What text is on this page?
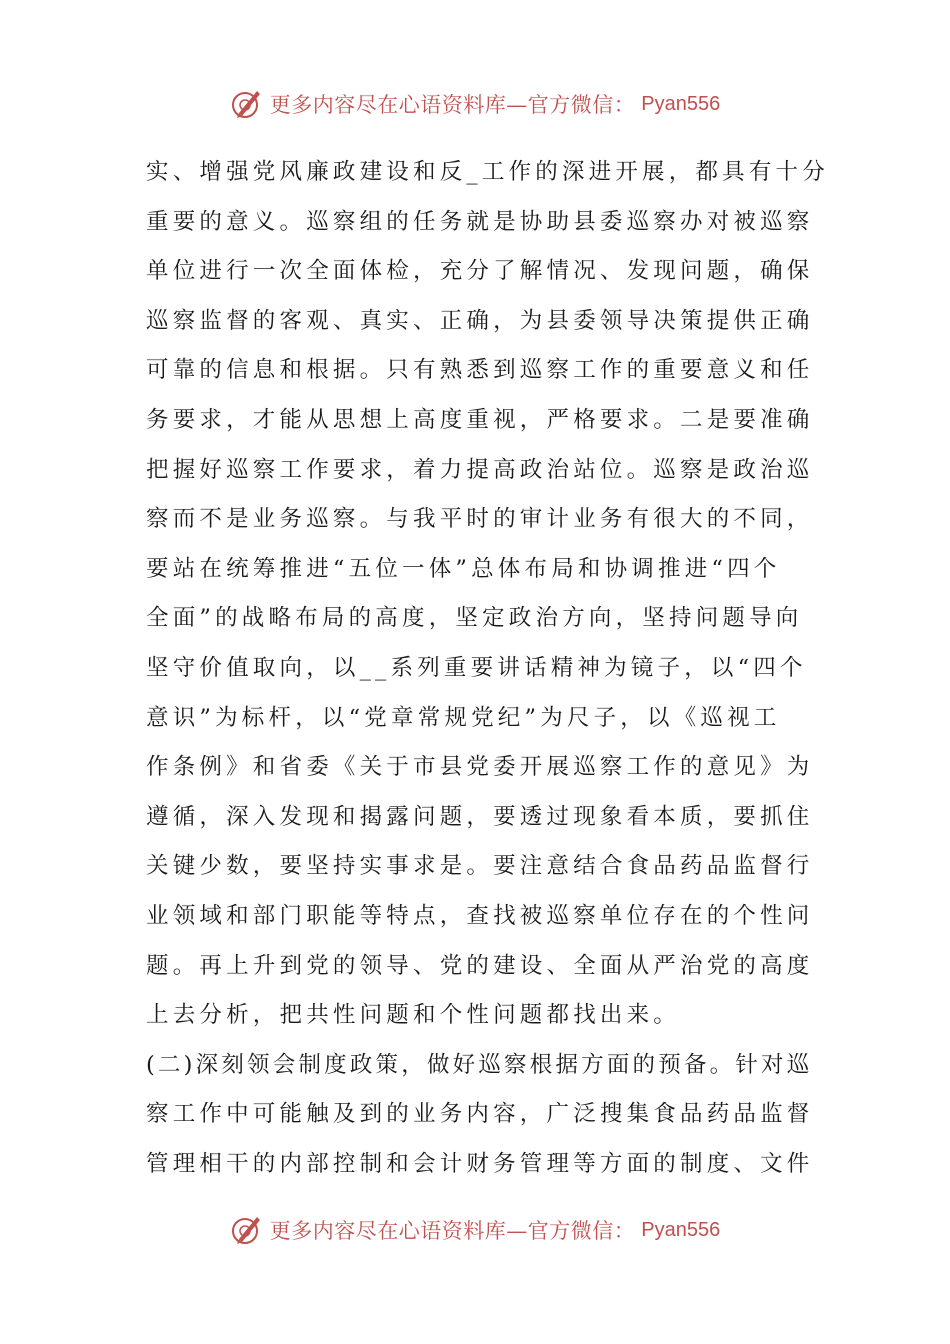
更多内容尽在心语资料库—官方微信： Pyan556
实、增强党风廉政建设和反_工作的深进开展，都具有十分
重要的意义。巡察组的任务就是协助县委巡察办对被巡察
单位进行一次全面体检，充分了解情况、发现问题，确保
巡察监督的客观、真实、正确，为县委领导决策提供正确
可靠的信息和根据。只有熟悉到巡察工作的重要意义和任
务要求，才能从思想上高度重视，严格要求。二是要准确
把握好巡察工作要求，着力提高政治站位。巡察是政治巡
察而不是业务巡察。与我平时的审计业务有很大的不同，
要站在统筹推进“五位一体”总体布局和协调推进“四个
全面”的战略布局的高度，坚定政治方向，坚持问题导向
坚守价值取向，以__系列重要讲话精神为镜子，以“四个
意识”为标杆，以“党章常规党纪”为尺子，以《巡视工
作条例》和省委《关于市县党委开展巡察工作的意见》为
遵循，深入发现和揭露问题，要透过现象看本质，要抓住
关键少数，要坚持实事求是。要注意结合食品药品监督行
业领域和部门职能等特点，查找被巡察单位存在的个性问
题。再上升到党的领导、党的建设、全面从严治党的高度
上去分析，把共性问题和个性问题都找出来。
(二)深刻领会制度政策，做好巡察根据方面的预备。针对巡
察工作中可能触及到的业务内容，广泛搜集食品药品监督
管理相干的内部控制和会计财务管理等方面的制度、文件
更多内容尽在心语资料库—官方微信： Pyan556
